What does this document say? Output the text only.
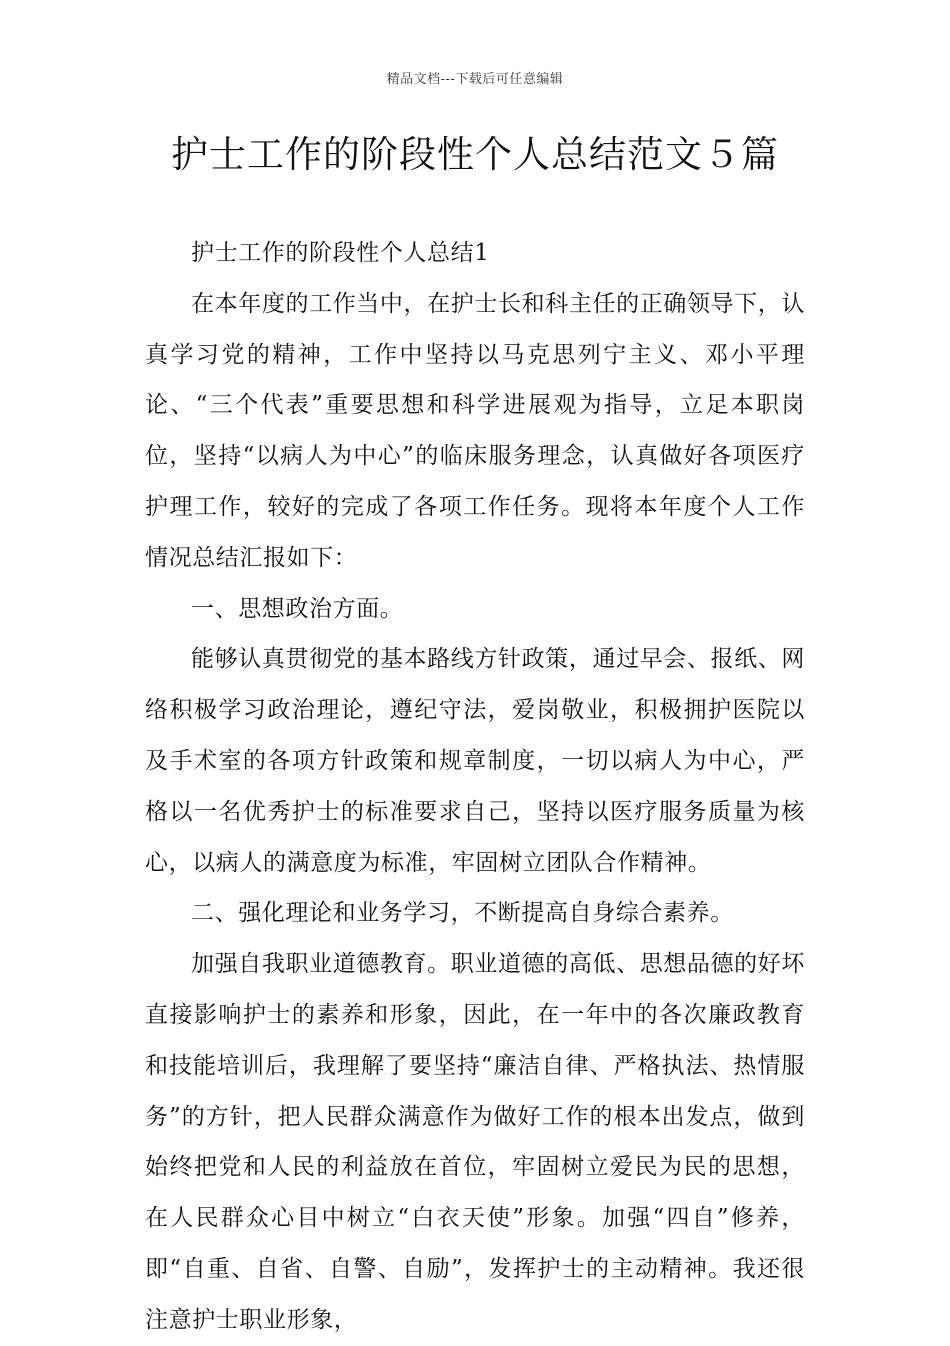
精品文档---下载后可任意编辑
护士工作的阶段性个人总结范文５篇

护士工作的阶段性个人总结1

在本年度的工作当中，在护士长和科主任的正确领导下，认真学习党的精神，工作中坚持以马克思列宁主义、邓小平理论、“三个代表”重要思想和科学进展观为指导，立足本职岗位，坚持“以病人为中心”的临床服务理念，认真做好各项医疗护理工作，较好的完成了各项工作任务。现将本年度个人工作情况总结汇报如下：

一、思想政治方面。

能够认真贯彻党的基本路线方针政策，通过早会、报纸、网络积极学习政治理论，遵纪守法，爱岗敬业，积极拥护医院以及手术室的各项方针政策和规章制度，一切以病人为中心，严格以一名优秀护士的标准要求自己，坚持以医疗服务质量为核心，以病人的满意度为标准，牢固树立团队合作精神。

二、强化理论和业务学习，不断提高自身综合素养。

加强自我职业道德教育。职业道德的高低、思想品德的好坏直接影响护士的素养和形象，因此，在一年中的各次廉政教育和技能培训后，我理解了要坚持“廉洁自律、严格执法、热情服务”的方针，把人民群众满意作为做好工作的根本出发点，做到始终把党和人民的利益放在首位，牢固树立爱民为民的思想，在人民群众心目中树立“白衣天使”形象。加强“四自”修养，即“自重、自省、自警、自励”，发挥护士的主动精神。我还很注意护士职业形象，
